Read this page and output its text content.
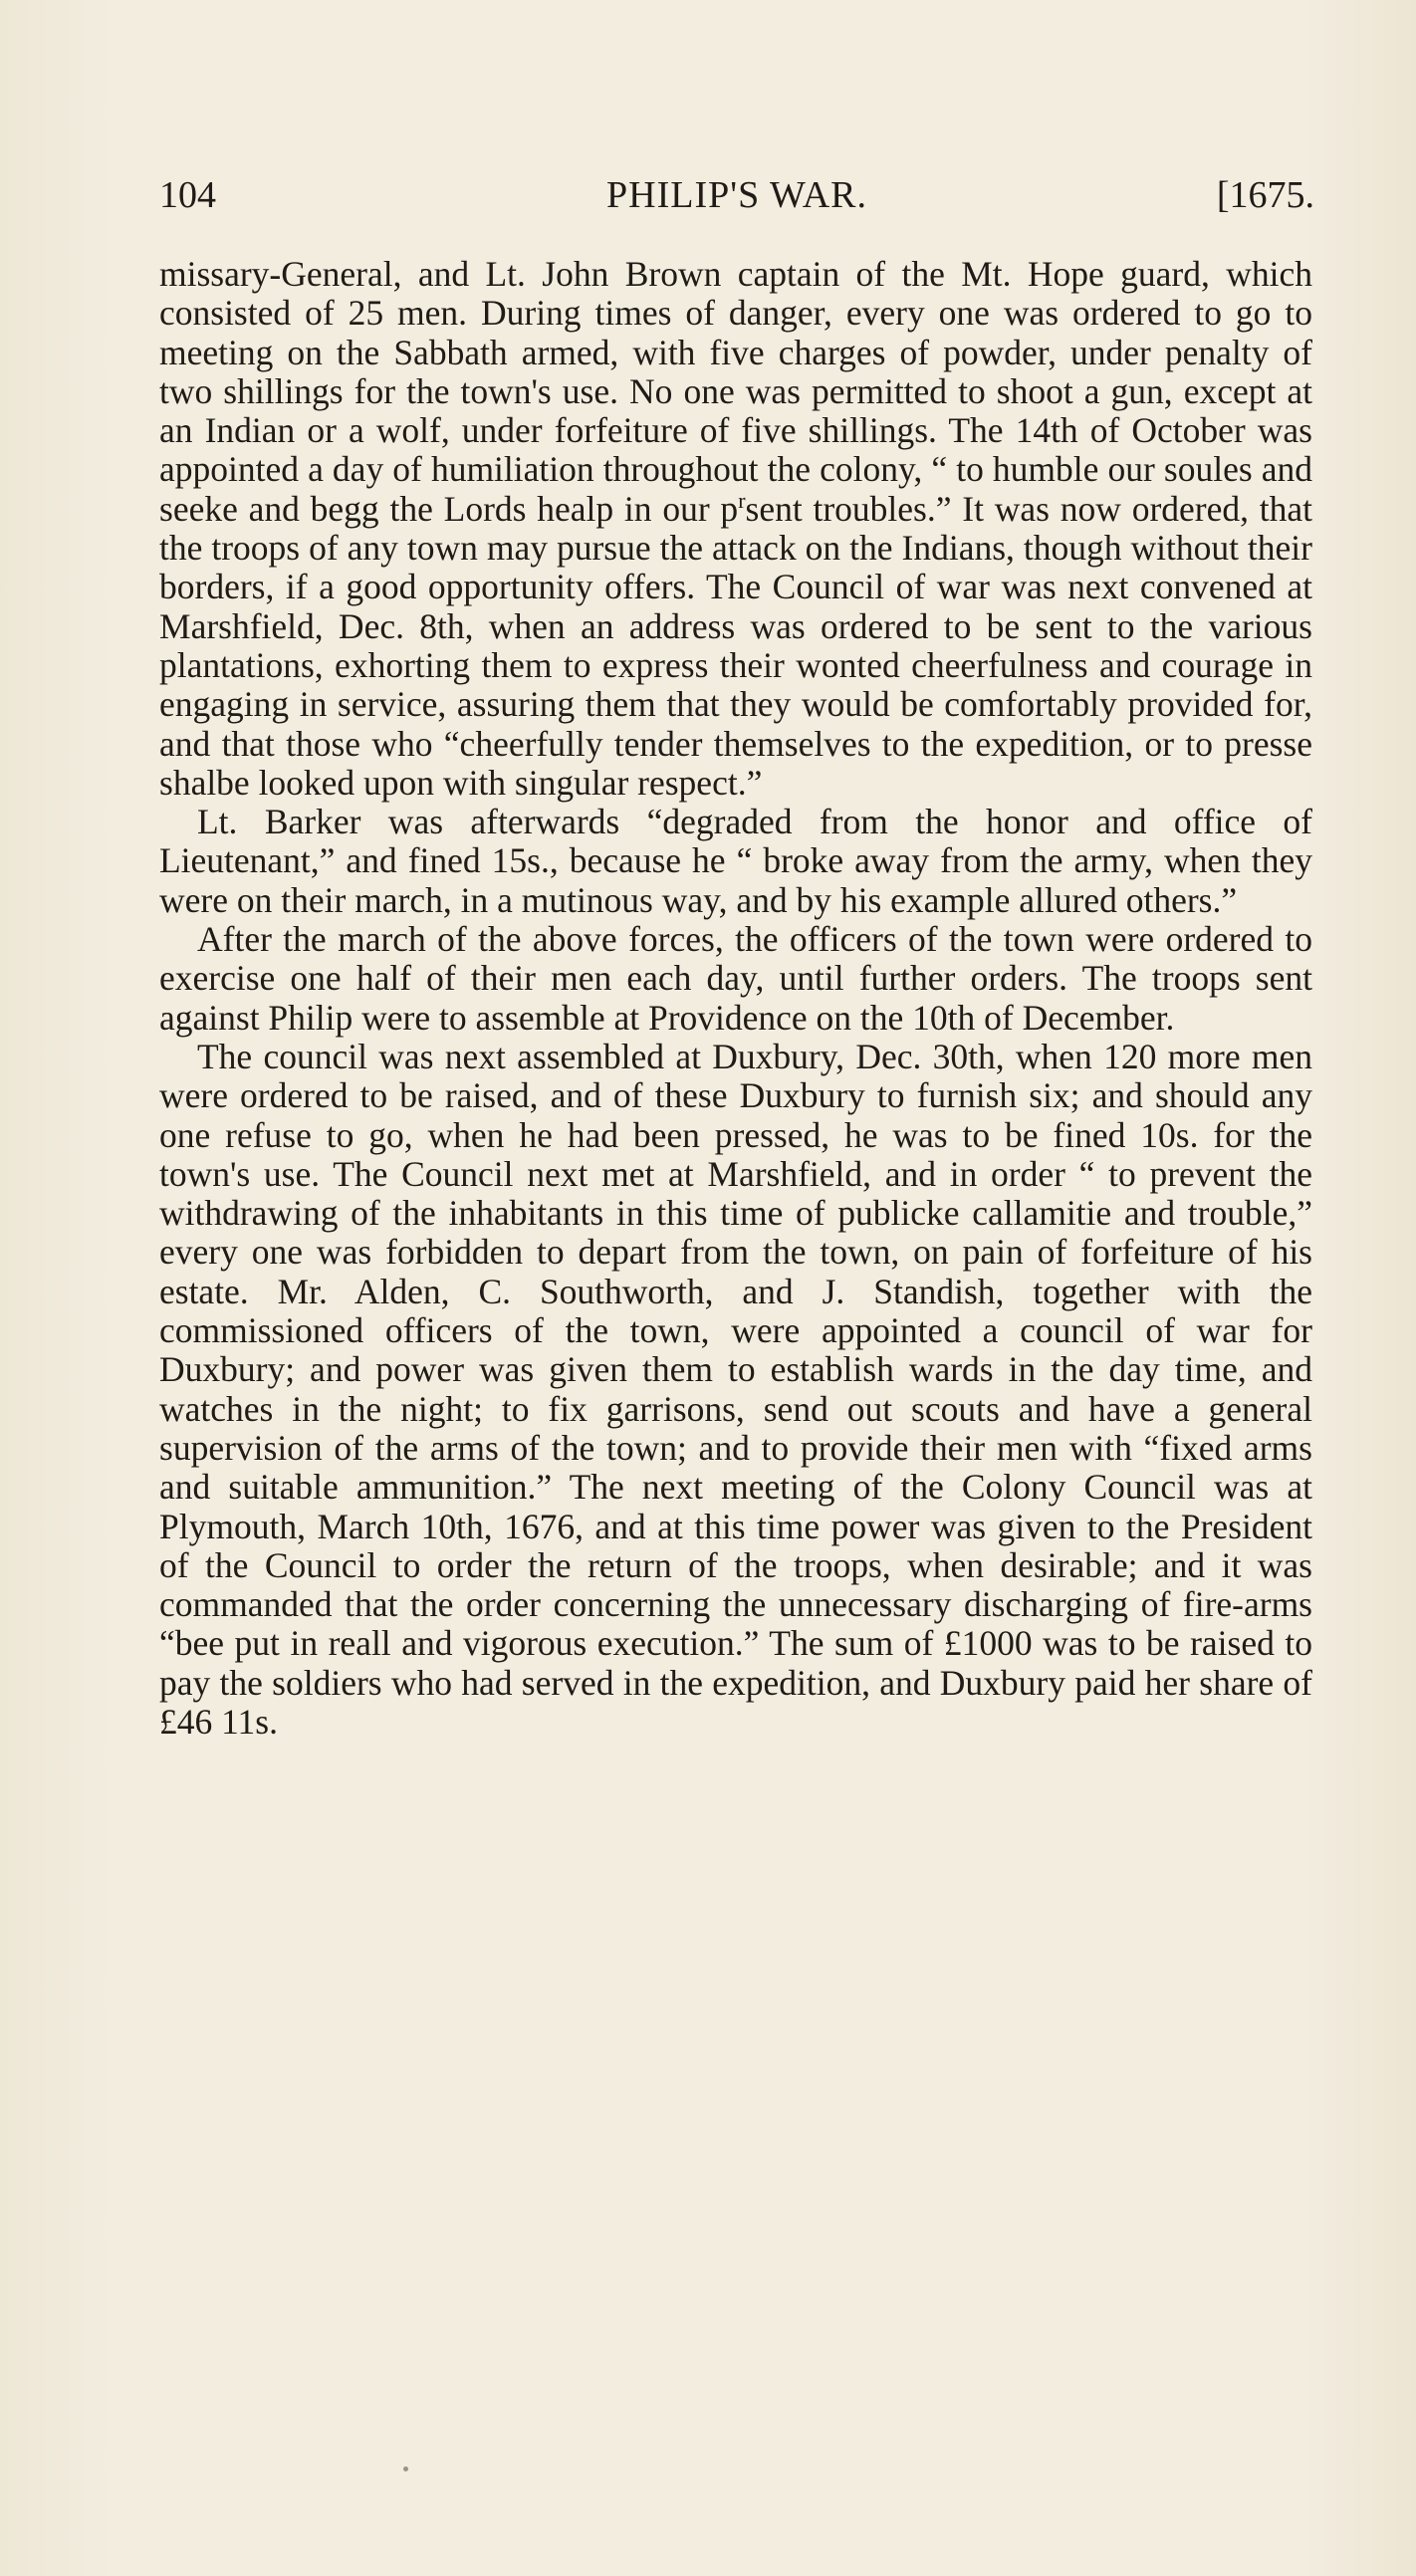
104	PHILIP'S WAR.	[1675.

missary-General, and Lt. John Brown captain of the Mt. Hope guard, which consisted of 25 men. During times of danger, every one was ordered to go to meeting on the Sabbath armed, with five charges of powder, under penalty of two shillings for the town's use. No one was permitted to shoot a gun, except at an Indian or a wolf, under forfeiture of five shillings. The 14th of October was appointed a day of humiliation throughout the colony, “ to humble our soules and seeke and begg the Lords healp in our $p^rsent$ troubles.” It was now ordered, that the troops of any town may pursue the attack on the Indians, though without their borders, if a good opportunity offers. The Council of war was next convened at Marshfield, Dec. 8th, when an address was ordered to be sent to the various plantations, exhorting them to express their wonted cheerfulness and courage in engaging in service, assuring them that they would be comfortably provided for, and that those who “cheerfully tender themselves to the expedition, or to presse shalbe looked upon with singular respect.”

Lt. Barker was afterwards “degraded from the honor and office of Lieutenant,” and fined 15s., because he “ broke away from the army, when they were on their march, in a mutinous way, and by his example allured others.”

After the march of the above forces, the officers of the town were ordered to exercise one half of their men each day, until further orders. The troops sent against Philip were to assemble at Providence on the 10th of December.

The council was next assembled at Duxbury, Dec. 30th, when 120 more men were ordered to be raised, and of these Duxbury to furnish six; and should any one refuse to go, when he had been pressed, he was to be fined 10s. for the town's use. The Council next met at Marshfield, and in order “ to prevent the withdrawing of the inhabitants in this time of publicke callamitie and trouble,” every one was forbidden to depart from the town, on pain of forfeiture of his estate. Mr. Alden, C. Southworth, and J. Standish, together with the commissioned officers of the town, were appointed a council of war for Duxbury; and power was given them to establish wards in the day time, and watches in the night; to fix garrisons, send out scouts and have a general supervision of the arms of the town; and to provide their men with “fixed arms and suitable ammunition.” The next meeting of the Colony Council was at Plymouth, March 10th, 1676, and at this time power was given to the President of the Council to order the return of the troops, when desirable; and it was commanded that the order concerning the unnecessary discharging of fire-arms “bee put in reall and vigorous execution.” The sum of £1000 was to be raised to pay the soldiers who had served in the expedition, and Duxbury paid her share of £46 11s.
